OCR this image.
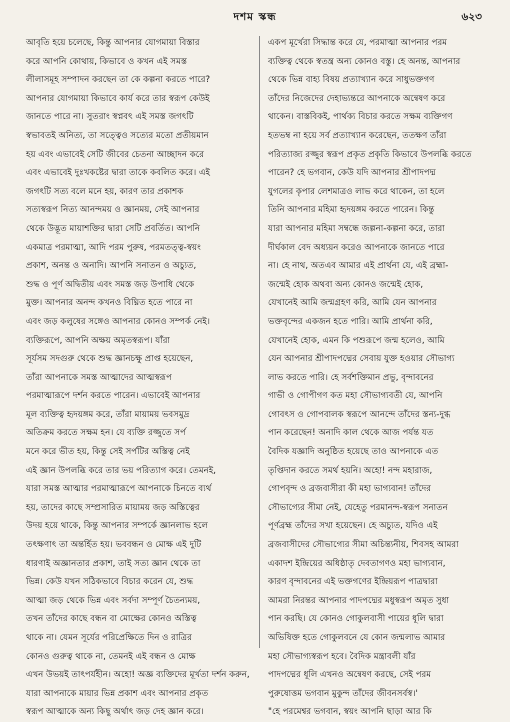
দশম স্কন্ধ	৬২৩
আবৃতি হয়ে চলেছে, কিন্তু আপনার যোগমায়া বিস্তার
করে আপনি কোথায়, কিভাবে ও কখন এই সমস্ত
লীলাসমূহ সম্পাদন করছেন তা কে কল্পনা করতে পারে?
আপনার যোগমায়া কিভাবে কার্য করে তার স্বরূপ কেউই
জানতে পারে না। সুতরাং স্বপ্নবৎ এই সমস্ত জগৎটি
স্বভাবতই অনিত্য, তা সত্ত্বেও সত্যের মতো প্রতীয়মান
হয় এবং এভাবেই সেটি জীবের চেতনা আচ্ছাদন করে
এবং এভাবেই দুঃখকষ্টের দ্বারা তাকে কবলিত করে। এই
জগৎটি সত্য বলে মনে হয়, কারণ তার প্রকাশক
সত্যস্বরূপ নিত্য আনন্দময় ও জ্ঞানময়, সেই আপনার
থেকে উদ্ভূত মায়াশক্তির দ্বারা সেটি প্রবর্তিত। আপনি
একমাত্র পরমাত্মা, আদি পরম পুরুষ, পরমতত্ত্ব-স্বয়ং
প্রকাশ, অনন্ত ও অনাদি। আপনি সনাতন ও অচ্যুত,
শুদ্ধ ও পূর্ণ অদ্বিতীয় এবং সমস্ত জড় উপাধি থেকে
মুক্ত। আপনার অনন্দ কখনও বিঘ্নিত হতে পারে না
এবং জড় কলুষের সঙ্গেও আপনার কোনও সম্পর্ক নেই।
ব্যক্তিরূপে, আপনি অক্ষয় অমৃতস্বরূপ। যাঁরা
সূর্যসম সদগুরু থেকে শুদ্ধ জ্ঞানচক্ষু প্রাপ্ত হয়েছেন,
তাঁরা আপনাকে সমস্ত আত্মাদের আত্মস্বরূপ
পরমাত্মারূপে দর্শন করতে পারেন। এভাবেই আপনার
মূল ব্যক্তিত্ব হৃদয়ঙ্গম করে, তাঁরা মায়াময় ভবসমুদ্র
অতিক্রম করতে সক্ষম হন। যে ব্যক্তি রজ্জুতে সর্প
মনে করে ভীত হয়, কিন্তু সেই সর্পটির অস্তিত্ব নেই
এই জ্ঞান উপলব্ধি করে তার ভয় পরিত্যাগ করে। তেমনই,
যারা সমস্ত আত্মার পরমাত্মারূপে আপনাকে চিনতে ব্যর্থ
হয়, তাদের কাছে সম্প্রসারিত মায়াময় জড় অস্তিত্বের
উদয় হয়ে থাকে, কিন্তু আপনার সম্পর্কে জ্ঞানলাভ হলে
তৎক্ষণাৎ তা অন্তর্হিত হয়। ভববন্ধন ও মোক্ষ এই দুটি
ধারণাই অজ্ঞানতার প্রকাশ, তাই সত্য জ্ঞান থেকে তা
ভিন্ন। কেউ যখন সঠিকভাবে বিচার করেন যে, শুদ্ধ
আত্মা জড় থেকে ভিন্ন এবং সর্বদা সম্পূর্ণ চৈতন্যময়,
তখন তাঁদের কাছে বন্ধন বা মোক্ষের কোনও অস্তিত্ব
থাকে না। যেমন সূর্যের পরিপ্রেক্ষিতে দিন ও রাত্রির
কোনও গুরুত্ব থাকে না, তেমনই এই বন্ধন ও মোক্ষ
এখন উভয়ই তাৎপর্যহীন। অহো! অজ্ঞ ব্যক্তিদের মূর্খতা দর্শন করুন,
যারা আপনাকে মায়ার ভিন্ন প্রকাশ এবং আপনার প্রকৃত
স্বরূপ আত্মাকে অন্য কিছু অর্থাৎ জড় দেহ জ্ঞান করে।
একপ মূর্খেরা সিদ্ধান্ত করে যে, পরমাত্মা আপনার পরম
ব্যক্তিত্ব থেকে স্বতন্ত্র অন্য কোনও বস্তু। হে অনন্ত, আপনার
থেকে ভিন্ন বাহ্য বিষয় প্রত্যাখ্যান করে সাধুভক্তগণ
তাঁদের নিজেদের দেহাভ্যন্তরে আপনাকে অন্বেষণ করে
থাকেন। বাস্তবিকই, পার্থক্য বিচার করতে সক্ষম ব্যক্তিগণ
হতভম্ব না হয়ে সর্ব প্রত্যাখ্যান করেছেন, ততক্ষণ তাঁরা
পরিত্যাজ্য রজ্জুর স্বরূপ প্রকৃত প্রকৃতি কিভাবে উপলব্ধি করতে
পারেন? হে ভগবান, কেউ যদি আপনার শ্রীপাদপদ্ম
যুগলের কৃপার লেশমাত্রও লাভ করে থাকেন, তা হলে
তিনি আপনার মহিমা হৃদয়ঙ্গম করতে পারেন। কিন্তু
যারা আপনার মহিমা সম্বন্ধে জল্পনা-কল্পনা করে, তারা
দীর্ঘকাল বেদ অধ্যয়ন করেও আপনাকে জানতে পারে
না। হে নাথ, অতএব আমার এই প্রার্থনা যে, এই ব্রহ্মা-
জন্মেই হোক অথবা অন্য কোনও জন্মেই হোক,
যেখানেই আমি জন্মগ্রহণ করি, আমি যেন আপনার
ভক্তবৃন্দের একজন হতে পারি। আমি প্রার্থনা করি,
যেখানেই হোক, এমন কি পশুরূপে জন্ম হলেও, আমি
যেন আপনার শ্রীপাদপদ্মের সেবায় যুক্ত হওয়ার সৌভাগ্য
লাভ করতে পারি। হে সর্বশক্তিমান প্রভু, বৃন্দাবনের
গাভী ও গোপীগণ কত মহা সৌভাগ্যবতী যে, আপনি
গোবৎস ও গোপবালক স্বরূপে আনন্দে তাঁদের স্তন্য-দুগ্ধ
পান করেছেন! অনাদি কাল থেকে আজ পর্যন্ত যত
বৈদিক যজ্ঞাদি অনুষ্ঠিত হয়েছে তাও আপনাকে এত
তৃপ্তিদান করতে সমর্থ হয়নি। অহো! নন্দ মহারাজ,
গোপবৃন্দ ও ব্রজবাসীরা কী মহা ভাগ্যবান! তাঁদের
সৌভাগ্যের সীমা নেই, যেহেতু পরমানন্দ-স্বরূপ সনাতন
পূর্ণব্রহ্ম তাঁদের সখা হয়েছেন। হে অচ্যুত, যদিও এই
ব্রজবাসীদের সৌভাগ্যের সীমা অচিন্ত্যনীয়, শিবসহ আমরা
একাদশ ইন্দ্রিয়ের অধিষ্ঠাতৃ দেবতাগণও মহা ভাগ্যবান,
কারণ বৃন্দাবনের এই ভক্তগণের ইন্দ্রিয়রূপ পাত্রদ্বারা
আমরা নিরন্তর আপনার পাদপদ্মের মধুস্বরূপ অমৃত সুধা
পান করছি। যে কোনও গোকুলবাসী পায়ের ধূলি দ্বারা
অভিষিক্ত হতে গোকুলবনে যে কোন জন্মলাভ আমার
মহা সৌভাগ্যস্বরূপ হবে। বৈদিক মন্ত্রাবলী যাঁর
পাদপদ্মের ধূলি এখনও অন্বেষণ করছে, সেই পরম
পুরুষোত্তম ভগবান মুকুন্দ তাঁদের জীবনসর্বস্ব।'
"হে পরমেশ্বর ভগবান, স্বয়ং আপনি ছাড়া আর কি
